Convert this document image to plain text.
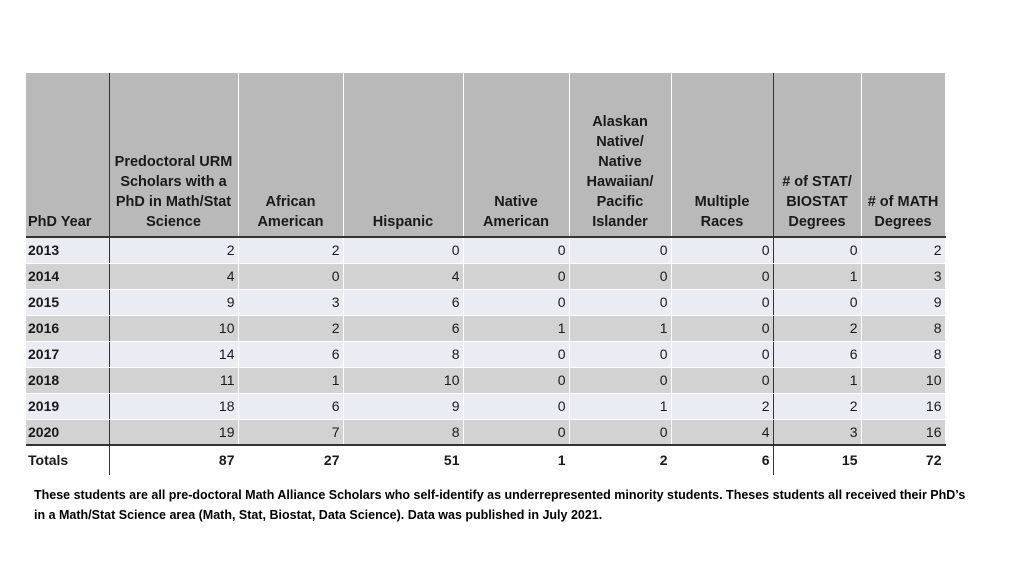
PhD Year	Predoctoral URM Scholars with a PhD in Math/Stat Science	African American	Hispanic	Native American	Alaskan Native/ Native Hawaiian/ Pacific Islander	Multiple Races	# of STAT/ BIOSTAT Degrees	# of MATH Degrees
2013	2	2	0	0	0	0	0	2
2014	4	0	4	0	0	0	1	3
2015	9	3	6	0	0	0	0	9
2016	10	2	6	1	1	0	2	8
2017	14	6	8	0	0	0	6	8
2018	11	1	10	0	0	0	1	10
2019	18	6	9	0	1	2	2	16
2020	19	7	8	0	0	4	3	16
Totals	87	27	51	1	2	6	15	72
These students are all pre-doctoral Math Alliance Scholars who self-identify as underrepresented minority students. Theses students all received their PhD’s in a Math/Stat Science area (Math, Stat, Biostat, Data Science). Data was published in July 2021.
